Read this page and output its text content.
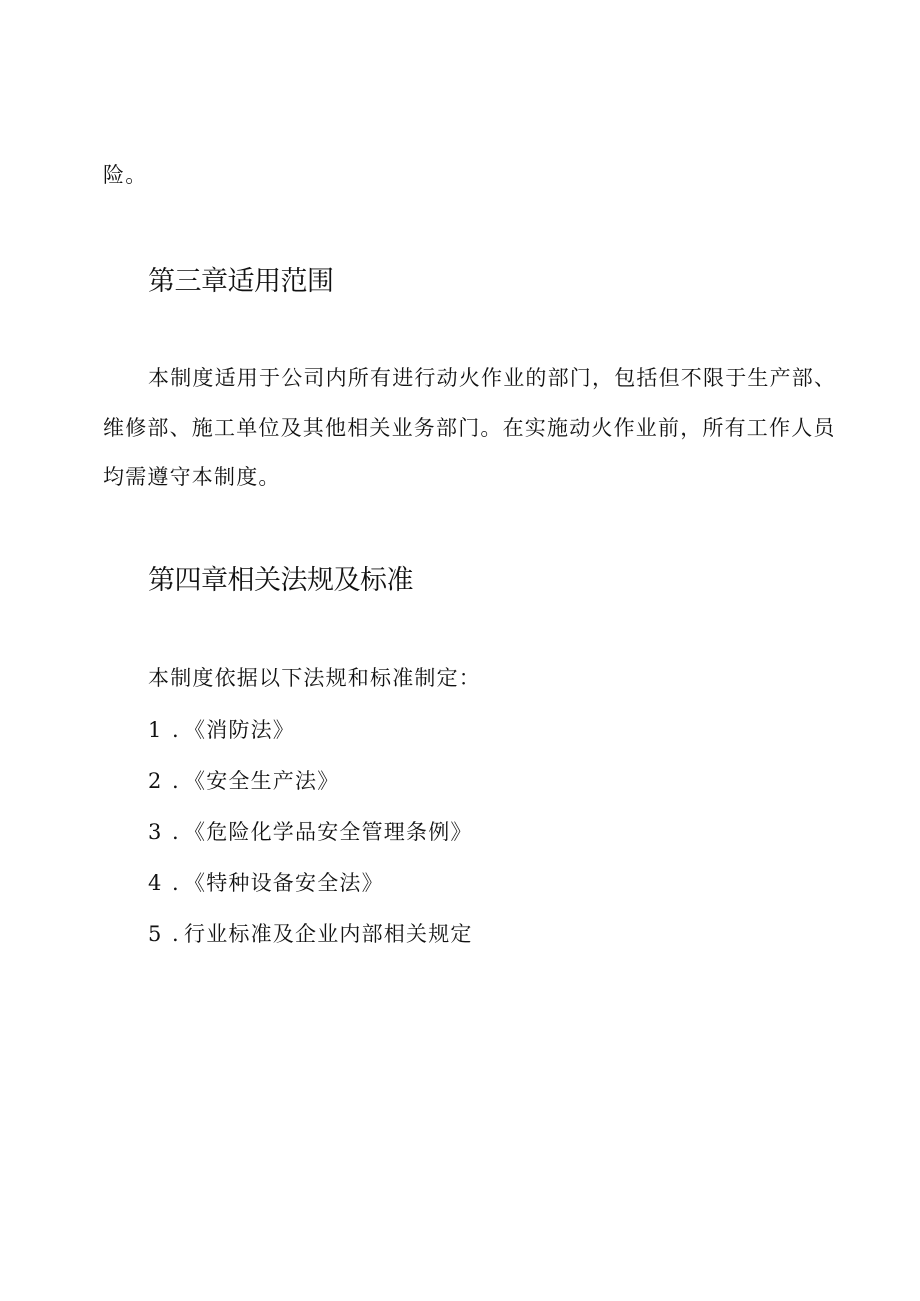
险。
第三章适用范围
本制度适用于公司内所有进行动火作业的部门，包括但不限于生产部、
维修部、施工单位及其他相关业务部门。在实施动火作业前，所有工作人员
均需遵守本制度。
第四章相关法规及标准
本制度依据以下法规和标准制定：
1 . 《消防法》
2 . 《安全生产法》
3 . 《危险化学品安全管理条例》
4 . 《特种设备安全法》
5 . 行业标准及企业内部相关规定
